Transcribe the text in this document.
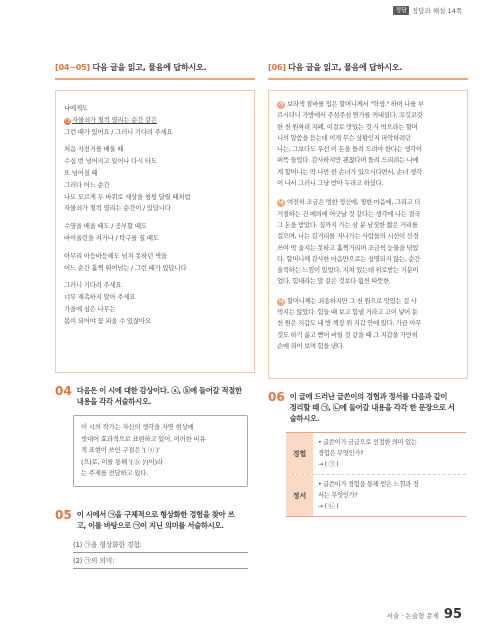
정답 정답과 해설 14쪽
[04~05] 다음 글을 읽고, 물음에 답하시오.

나에게도

㉠ 자물쇠가 철컥 열리는 순간 같은

그런 때가 있어요 / 그러니 기다려 주세요

처음 자전거를 배울 때

수십 번 넘어지고 일어나 다시 타도

또 넘어질 때

그러다 어느 순간

나도 모르게 두 바퀴로 세상을 씽씽 달릴 때처럼

자물쇠가 철컥 열리는 순간이 / 있답니다

수영을 배울 때도 / 공부할 때도

바이올린을 켜거나 / 탁구를 칠 때도

아무리 아등바등해도 넘지 못하던 벽을

어느 순간 훌쩍 뛰어넘는 / 그런 때가 있답니다

그러니 기다려 주세요

너무 재촉하지 말아 주세요

가을에 심은 나무는

봄이 되어야 꽃 피울 수 있잖아요

04 다음은 이 시에 대한 감상이다. ⓐ, ⓑ에 들어갈 적절한
내용을 각각 서술하시오.

이 시의 작가는 자신의 생각을 자연 현상에

빗대어 효과적으로 표현하고 있어. 이러한 비유

적 표현이 쓰인 구절은 '( ⓐ )'

(으)로, 이를 통해 '( ⓑ )'(이)라

는 주제를 전달하고 있다.

05 이 시에서 ㉠을 구체적으로 형상화한 경험을 찾아 쓰
고, 이를 바탕으로 ㉠이 지닌 의미를 서술하시오.
(1) ㉠을 형상화한 경험:
(2) ㉠의 의미:
[06] 다음 글을 읽고, 물음에 답하시오.

가 보라색 잠바를 입은 할머니께서 "학생." 하며 나를 부

르시더니 가방에서 주섬주섬 뭔가를 꺼내셨다. 꼬깃꼬깃

한 천 원짜리 지폐, 이걸로 맛있는 것 사 먹으라는 할머

니의 말씀을 듣는데 이게 무슨 상황인지 파악하려던

나는, 그보다도 우선 이 돈을 돌려 드려야 한다는 생각이

퍼뜩 들었다. 감사하지만 괜찮다며 돌려 드리려는 나에

게 할머니는 딱 나만 한 손녀가 있으시다면서, 손녀 생각

이 나서 그러니 그냥 받아 두라고 하셨다.

나 여전히 조금은 멍한 정신에, 찡한 마음에, 그리고 더

거절하는 건 예의에 어긋날 것 같다는 생각에 나는 결국

그 돈을 받았다. 집까지 가는 삼 분 남짓한 짧은 거리를

걸으며, 나는 길거리를 지나가는 사람들의 시선이 신경

쓰여 막 울지는 못하고 훌쩍거리며 조금씩 눈물을 닦았

다. 할머니께 감사한 마음만으로는 설명되지 않는, 순간

울컥하는 느낌이 있었다. 지쳐 있는데 위로받는 기분이

었다. 힘내라는 말 같은 것보다 훨씬 따뜻한.

다 할머니께는 죄송하지만 그 천 원으로 맛있는 걸 사

먹지는 않았다. 힘들 때 보고 힘낼 거라고 고이 넣어 둔

천 원은 지갑도 내 방 책장 위 지갑 안에 있다. 가끔 아무

것도 하기 싫고 뻗어 버릴 것 같을 때 그 지갑을 가만히

손에 쥐어 보며 힘을 낸다.

06 이 글에 드러난 글쓴이의 경험과 정서를 다음과 같이
정리할 때 ㉠, ㉡에 들어갈 내용을 각각 한 문장으로 서
술하시오.
경험

• 글쓴이가 금급으로 선정한 의미 있는

경험은 무엇인가?

→ ( ㉠ )

정서

• 글쓴이가 경험을 통해 얻은 느낌과 정

서는 무엇인가?

→ ( ㉡ )

서술 · 논술형 문제 95
